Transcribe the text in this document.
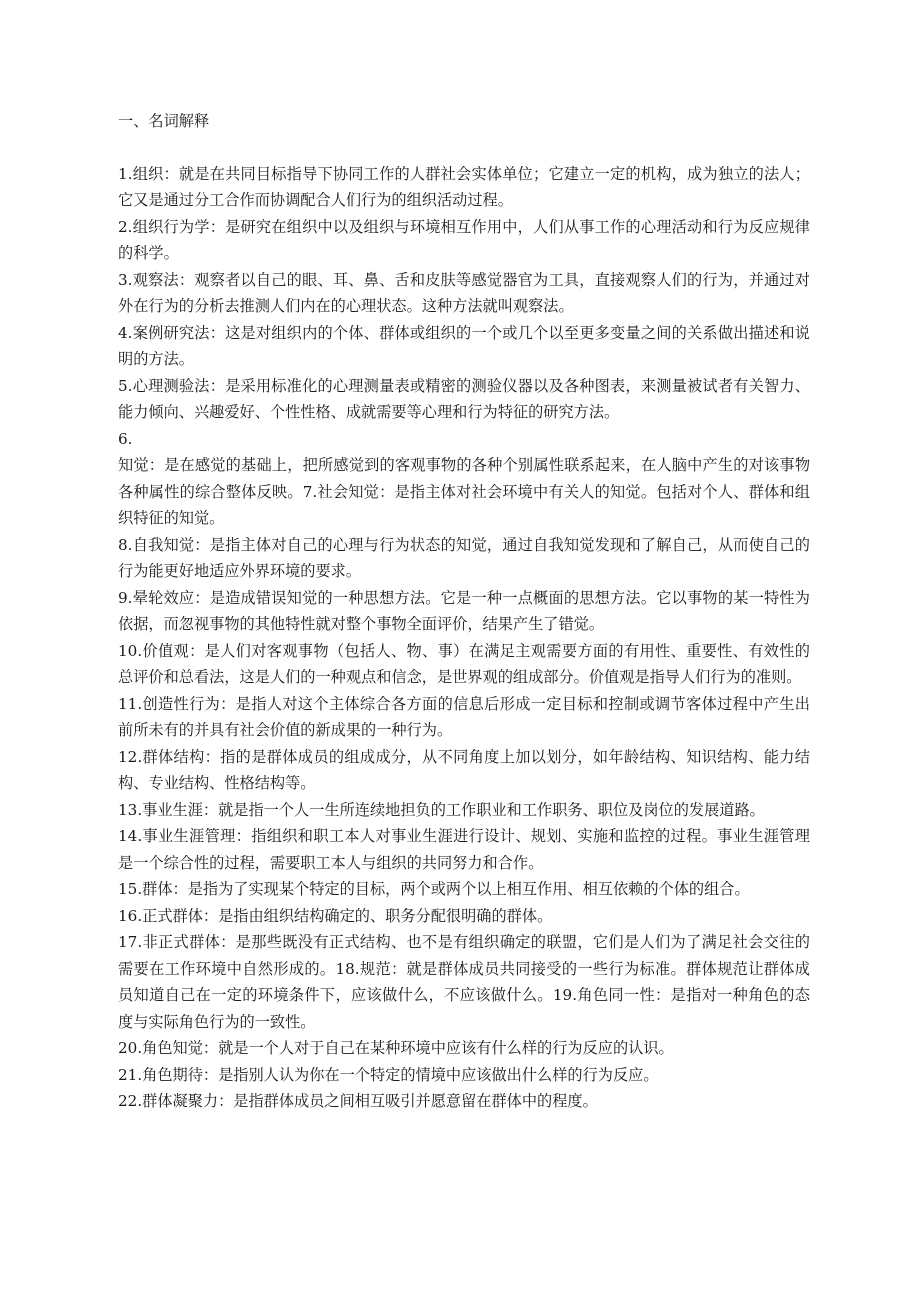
一、名词解释

1.组织：就是在共同目标指导下协同工作的人群社会实体单位；它建立一定的机构，成为独立的法人；它又是通过分工合作而协调配合人们行为的组织活动过程。

2.组织行为学：是研究在组织中以及组织与环境相互作用中，人们从事工作的心理活动和行为反应规律的科学。

3.观察法：观察者以自己的眼、耳、鼻、舌和皮肤等感觉器官为工具，直接观察人们的行为，并通过对外在行为的分析去推测人们内在的心理状态。这种方法就叫观察法。

4.案例研究法：这是对组织内的个体、群体或组织的一个或几个以至更多变量之间的关系做出描述和说明的方法。

5.心理测验法：是采用标准化的心理测量表或精密的测验仪器以及各种图表，来测量被试者有关智力、能力倾向、兴趣爱好、个性性格、成就需要等心理和行为特征的研究方法。

6.

知觉：是在感觉的基础上，把所感觉到的客观事物的各种个别属性联系起来，在人脑中产生的对该事物各种属性的综合整体反映。7.社会知觉：是指主体对社会环境中有关人的知觉。包括对个人、群体和组织特征的知觉。

8.自我知觉：是指主体对自己的心理与行为状态的知觉，通过自我知觉发现和了解自己，从而使自己的行为能更好地适应外界环境的要求。

9.晕轮效应：是造成错误知觉的一种思想方法。它是一种一点概面的思想方法。它以事物的某一特性为依据，而忽视事物的其他特性就对整个事物全面评价，结果产生了错觉。

10.价值观：是人们对客观事物（包括人、物、事）在满足主观需要方面的有用性、重要性、有效性的总评价和总看法，这是人们的一种观点和信念，是世界观的组成部分。价值观是指导人们行为的准则。

11.创造性行为：是指人对这个主体综合各方面的信息后形成一定目标和控制或调节客体过程中产生出前所未有的并具有社会价值的新成果的一种行为。

12.群体结构：指的是群体成员的组成成分，从不同角度上加以划分，如年龄结构、知识结构、能力结构、专业结构、性格结构等。

13.事业生涯：就是指一个人一生所连续地担负的工作职业和工作职务、职位及岗位的发展道路。

14.事业生涯管理：指组织和职工本人对事业生涯进行设计、规划、实施和监控的过程。事业生涯管理是一个综合性的过程，需要职工本人与组织的共同努力和合作。

15.群体：是指为了实现某个特定的目标，两个或两个以上相互作用、相互依赖的个体的组合。

16.正式群体：是指由组织结构确定的、职务分配很明确的群体。

17.非正式群体：是那些既没有正式结构、也不是有组织确定的联盟，它们是人们为了满足社会交往的需要在工作环境中自然形成的。18.规范：就是群体成员共同接受的一些行为标准。群体规范让群体成员知道自己在一定的环境条件下，应该做什么，不应该做什么。19.角色同一性：是指对一种角色的态度与实际角色行为的一致性。

20.角色知觉：就是一个人对于自己在某种环境中应该有什么样的行为反应的认识。

21.角色期待：是指别人认为你在一个特定的情境中应该做出什么样的行为反应。

22.群体凝聚力：是指群体成员之间相互吸引并愿意留在群体中的程度。
